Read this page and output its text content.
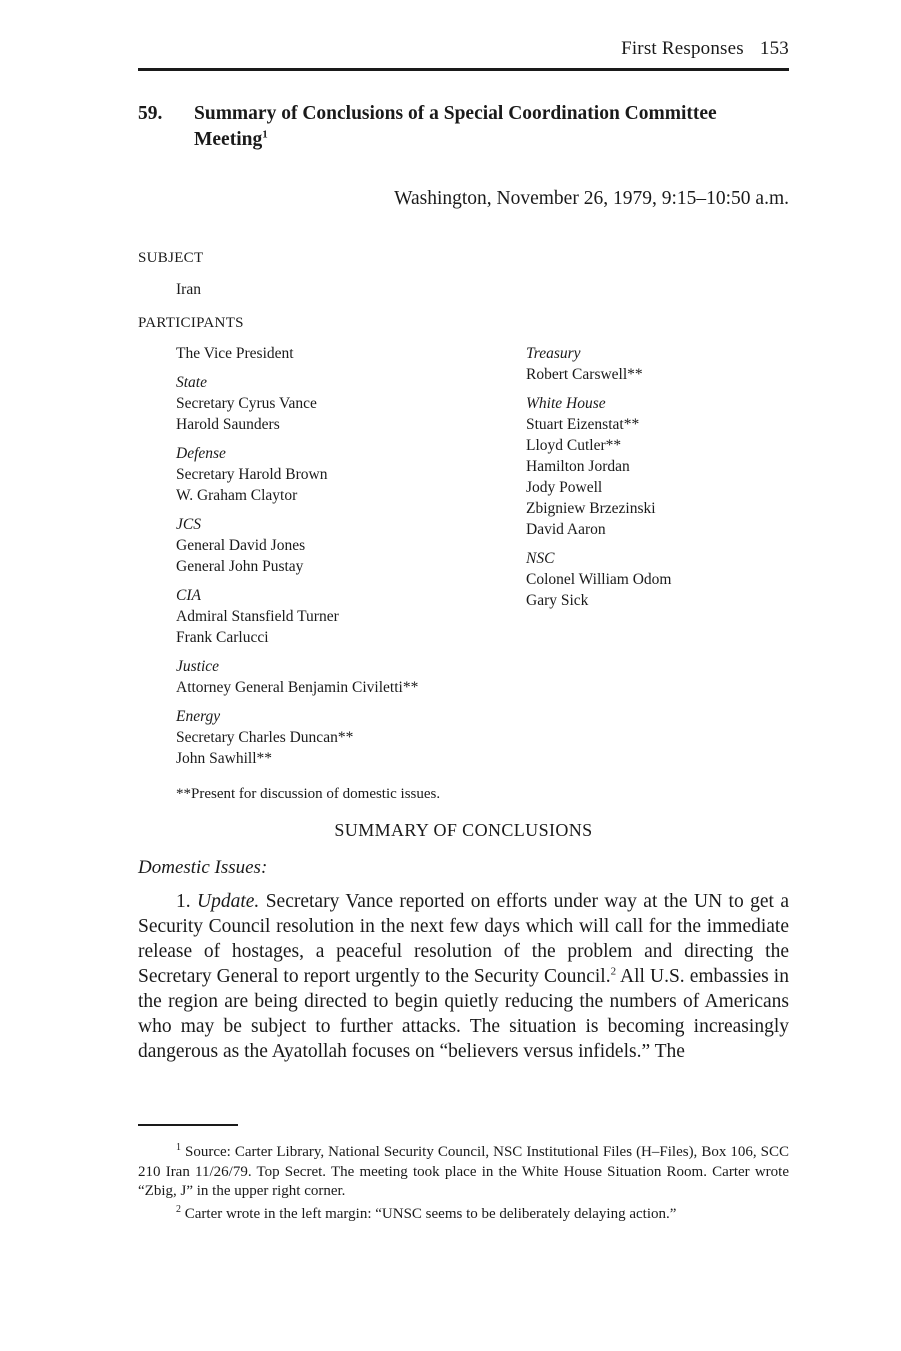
First Responses 153
59. Summary of Conclusions of a Special Coordination Committee Meeting$^1$
Washington, November 26, 1979, 9:15–10:50 a.m.
SUBJECT
Iran
PARTICIPANTS
The Vice President
State
Secretary Cyrus Vance
Harold Saunders
Defense
Secretary Harold Brown
W. Graham Claytor
JCS
General David Jones
General John Pustay
CIA
Admiral Stansfield Turner
Frank Carlucci
Justice
Attorney General Benjamin Civiletti**
Energy
Secretary Charles Duncan**
John Sawhill**
Treasury
Robert Carswell**
White House
Stuart Eizenstat**
Lloyd Cutler**
Hamilton Jordan
Jody Powell
Zbigniew Brzezinski
David Aaron
NSC
Colonel William Odom
Gary Sick
**Present for discussion of domestic issues.
SUMMARY OF CONCLUSIONS
Domestic Issues:

1. Update. Secretary Vance reported on efforts under way at the UN to get a Security Council resolution in the next few days which will call for the immediate release of hostages, a peaceful resolution of the problem and directing the Secretary General to report urgently to the Security Council.$^2$ All U.S. embassies in the region are being directed to begin quietly reducing the numbers of Americans who may be subject to further attacks. The situation is becoming increasingly dangerous as the Ayatollah focuses on “believers versus infidels.” The

$^1$ Source: Carter Library, National Security Council, NSC Institutional Files (H–Files), Box 106, SCC 210 Iran 11/26/79. Top Secret. The meeting took place in the White House Situation Room. Carter wrote “Zbig, J” in the upper right corner.

$^2$ Carter wrote in the left margin: “UNSC seems to be deliberately delaying action.”
